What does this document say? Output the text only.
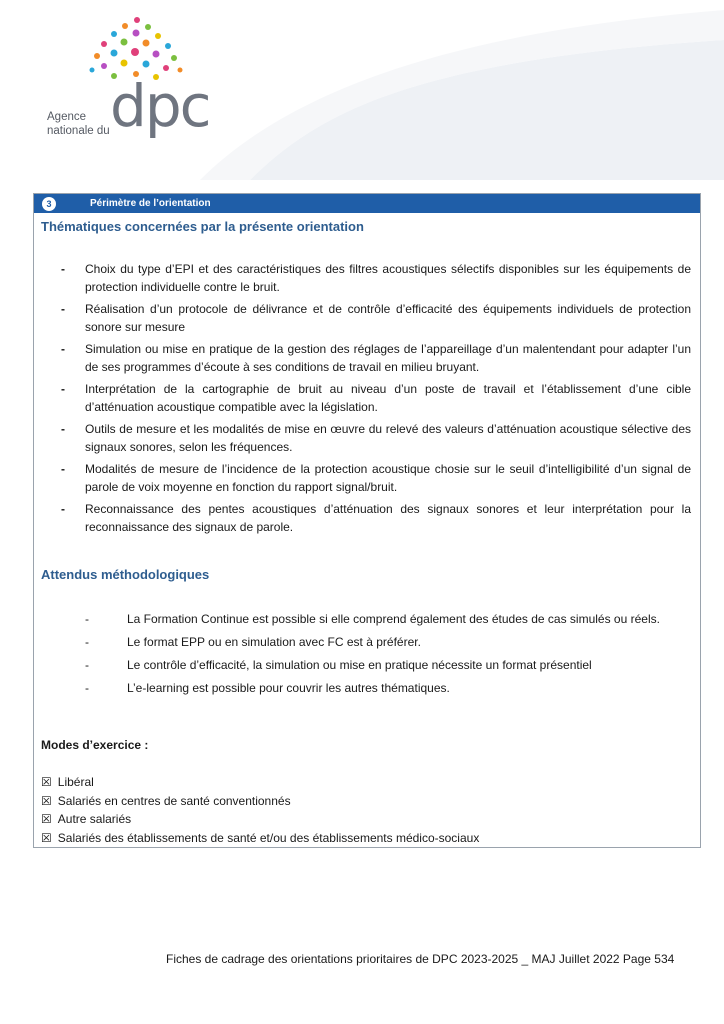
Agence
nationale du dpc
3	Périmètre de l’orientation
Thématiques concernées par la présente orientation
- Choix du type d’EPI et des caractéristiques des filtres acoustiques sélectifs disponibles sur les équipements de protection individuelle contre le bruit.
- Réalisation d’un protocole de délivrance et de contrôle d’efficacité des équipements individuels de protection sonore sur mesure
- Simulation ou mise en pratique de la gestion des réglages de l’appareillage d’un malentendant pour adapter l’un de ses programmes d’écoute à ses conditions de travail en milieu bruyant.
- Interprétation de la cartographie de bruit au niveau d’un poste de travail et l’établissement d’une cible d’atténuation acoustique compatible avec la législation.
- Outils de mesure et les modalités de mise en œuvre du relevé des valeurs d’atténuation acoustique sélective des signaux sonores, selon les fréquences.
- Modalités de mesure de l’incidence de la protection acoustique chosie sur le seuil d’intelligibilité d’un signal de parole de voix moyenne en fonction du rapport signal/bruit.
- Reconnaissance des pentes acoustiques d’atténuation des signaux sonores et leur interprétation pour la reconnaissance des signaux de parole.
Attendus méthodologiques
- La Formation Continue est possible si elle comprend également des études de cas simulés ou réels.
- Le format EPP ou en simulation avec FC est à préférer.
- Le contrôle d’efficacité, la simulation ou mise en pratique nécessite un format présentiel
- L’e-learning est possible pour couvrir les autres thématiques.
Modes d’exercice :
☒ Libéral
☒ Salariés en centres de santé conventionnés
☒ Autre salariés
☒ Salariés des établissements de santé et/ou des établissements médico-sociaux
Fiches de cadrage des orientations prioritaires de DPC 2023-2025 _ MAJ Juillet 2022 Page 534
